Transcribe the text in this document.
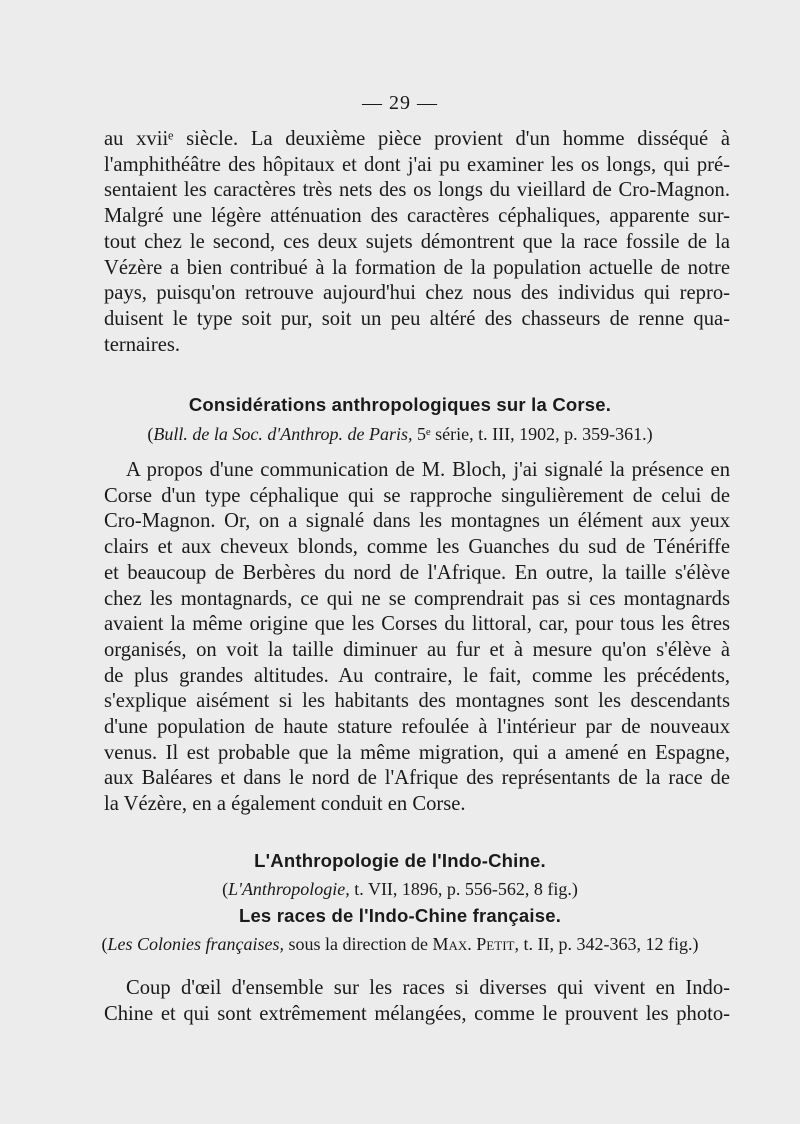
— 29 —

au xviiᵉ siècle. La deuxième pièce provient d'un homme disséqué à
l'amphithéâtre des hôpitaux et dont j'ai pu examiner les os longs, qui pré-
sentaient les caractères très nets des os longs du vieillard de Cro-Magnon.
Malgré une légère atténuation des caractères céphaliques, apparente sur-
tout chez le second, ces deux sujets démontrent que la race fossile de la
Vézère a bien contribué à la formation de la population actuelle de notre
pays, puisqu'on retrouve aujourd'hui chez nous des individus qui repro-
duisent le type soit pur, soit un peu altéré des chasseurs de renne qua-
ternaires.

Considérations anthropologiques sur la Corse.
(Bull. de la Soc. d'Anthrop. de Paris, 5ᵉ série, t. III, 1902, p. 359-361.)

A propos d'une communication de M. Bloch, j'ai signalé la présence en
Corse d'un type céphalique qui se rapproche singulièrement de celui de
Cro-Magnon. Or, on a signalé dans les montagnes un élément aux yeux
clairs et aux cheveux blonds, comme les Guanches du sud de Ténériffe
et beaucoup de Berbères du nord de l'Afrique. En outre, la taille s'élève
chez les montagnards, ce qui ne se comprendrait pas si ces montagnards
avaient la même origine que les Corses du littoral, car, pour tous les êtres
organisés, on voit la taille diminuer au fur et à mesure qu'on s'élève à
de plus grandes altitudes. Au contraire, le fait, comme les précédents,
s'explique aisément si les habitants des montagnes sont les descendants
d'une population de haute stature refoulée à l'intérieur par de nouveaux
venus. Il est probable que la même migration, qui a amené en Espagne,
aux Baléares et dans le nord de l'Afrique des représentants de la race de
la Vézère, en a également conduit en Corse.

L'Anthropologie de l'Indo-Chine.
(L'Anthropologie, t. VII, 1896, p. 556-562, 8 fig.)
Les races de l'Indo-Chine française.
(Les Colonies françaises, sous la direction de Max. Petit, t. II, p. 342-363, 12 fig.)

Coup d'œil d'ensemble sur les races si diverses qui vivent en Indo-
Chine et qui sont extrêmement mélangées, comme le prouvent les photo-
